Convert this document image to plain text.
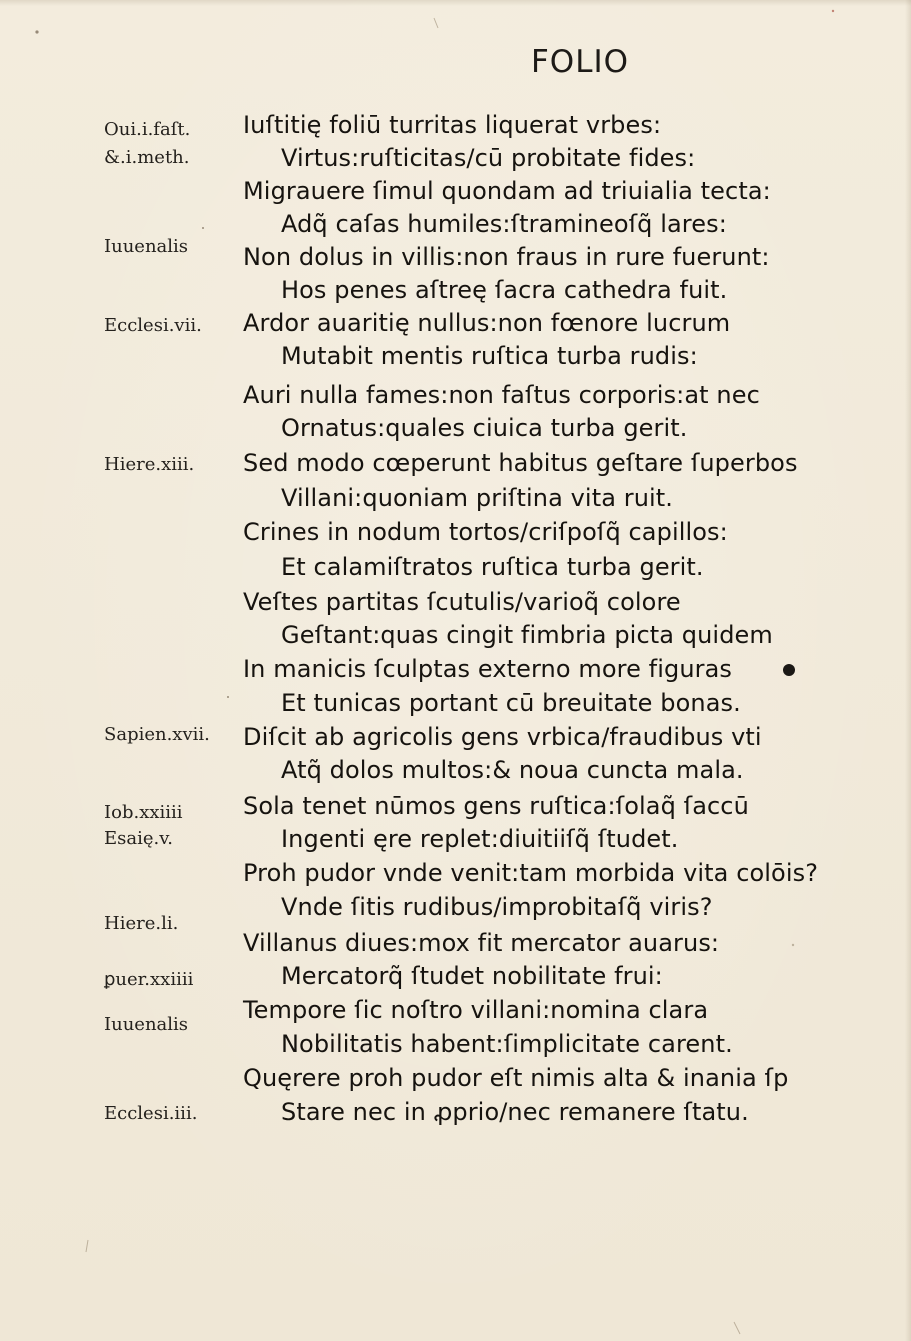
FOLIO
Oui.i.faſt.
&.i.meth.
Iuuenalis
Ecclesi.vii.
Hiere.xiii.
Sapien.xvii.
Iob.xxiiii
Esaię.v.
Hiere.li.
ꝑuer.xxiiii
Iuuenalis
Ecclesi.iii.
Iuſtitię foliū turritas liquerat vrbes:
Virtus:ruſticitas/cū probitate fides:
Migrauere ſimul quondam ad triuialia tecta:
Adq̃ caſas humiles:ſtramineoſq̃ lares:
Non dolus in villis:non fraus in rure fuerunt:
Hos penes aſtreę ſacra cathedra fuit.
Ardor auaritię nullus:non fœnore lucrum
Mutabit mentis ruſtica turba rudis:
Auri nulla fames:non faſtus corporis:at nec
Ornatus:quales ciuica turba gerit.
Sed modo cœperunt habitus geſtare ſuperbos
Villani:quoniam priſtina vita ruit.
Crines in nodum tortos/criſpoſq̃ capillos:
Et calamiſtratos ruſtica turba gerit.
Veſtes partitas ſcutulis/varioq̃ colore
Geſtant:quas cingit fimbria picta quidem
In manicis ſculptas externo more figuras
Et tunicas portant cū breuitate bonas.
Diſcit ab agricolis gens vrbica/fraudibus vti
Atq̃ dolos multos:& noua cuncta mala.
Sola tenet nūmos gens ruſtica:ſolaq̃ ſaccū
Ingenti ęre replet:diuitiiſq̃ ſtudet.
Proh pudor vnde venit:tam morbida vita colōis?
Vnde ſitis rudibus/improbitaſq̃ viris?
Villanus diues:mox fit mercator auarus:
Mercatorq̃ ſtudet nobilitate frui:
Tempore ſic noſtro villani:nomina clara
Nobilitatis habent:ſimplicitate carent.
Quęrere proh pudor eſt nimis alta & inania ſp
Stare nec in ꝓprio/nec remanere ſtatu.
